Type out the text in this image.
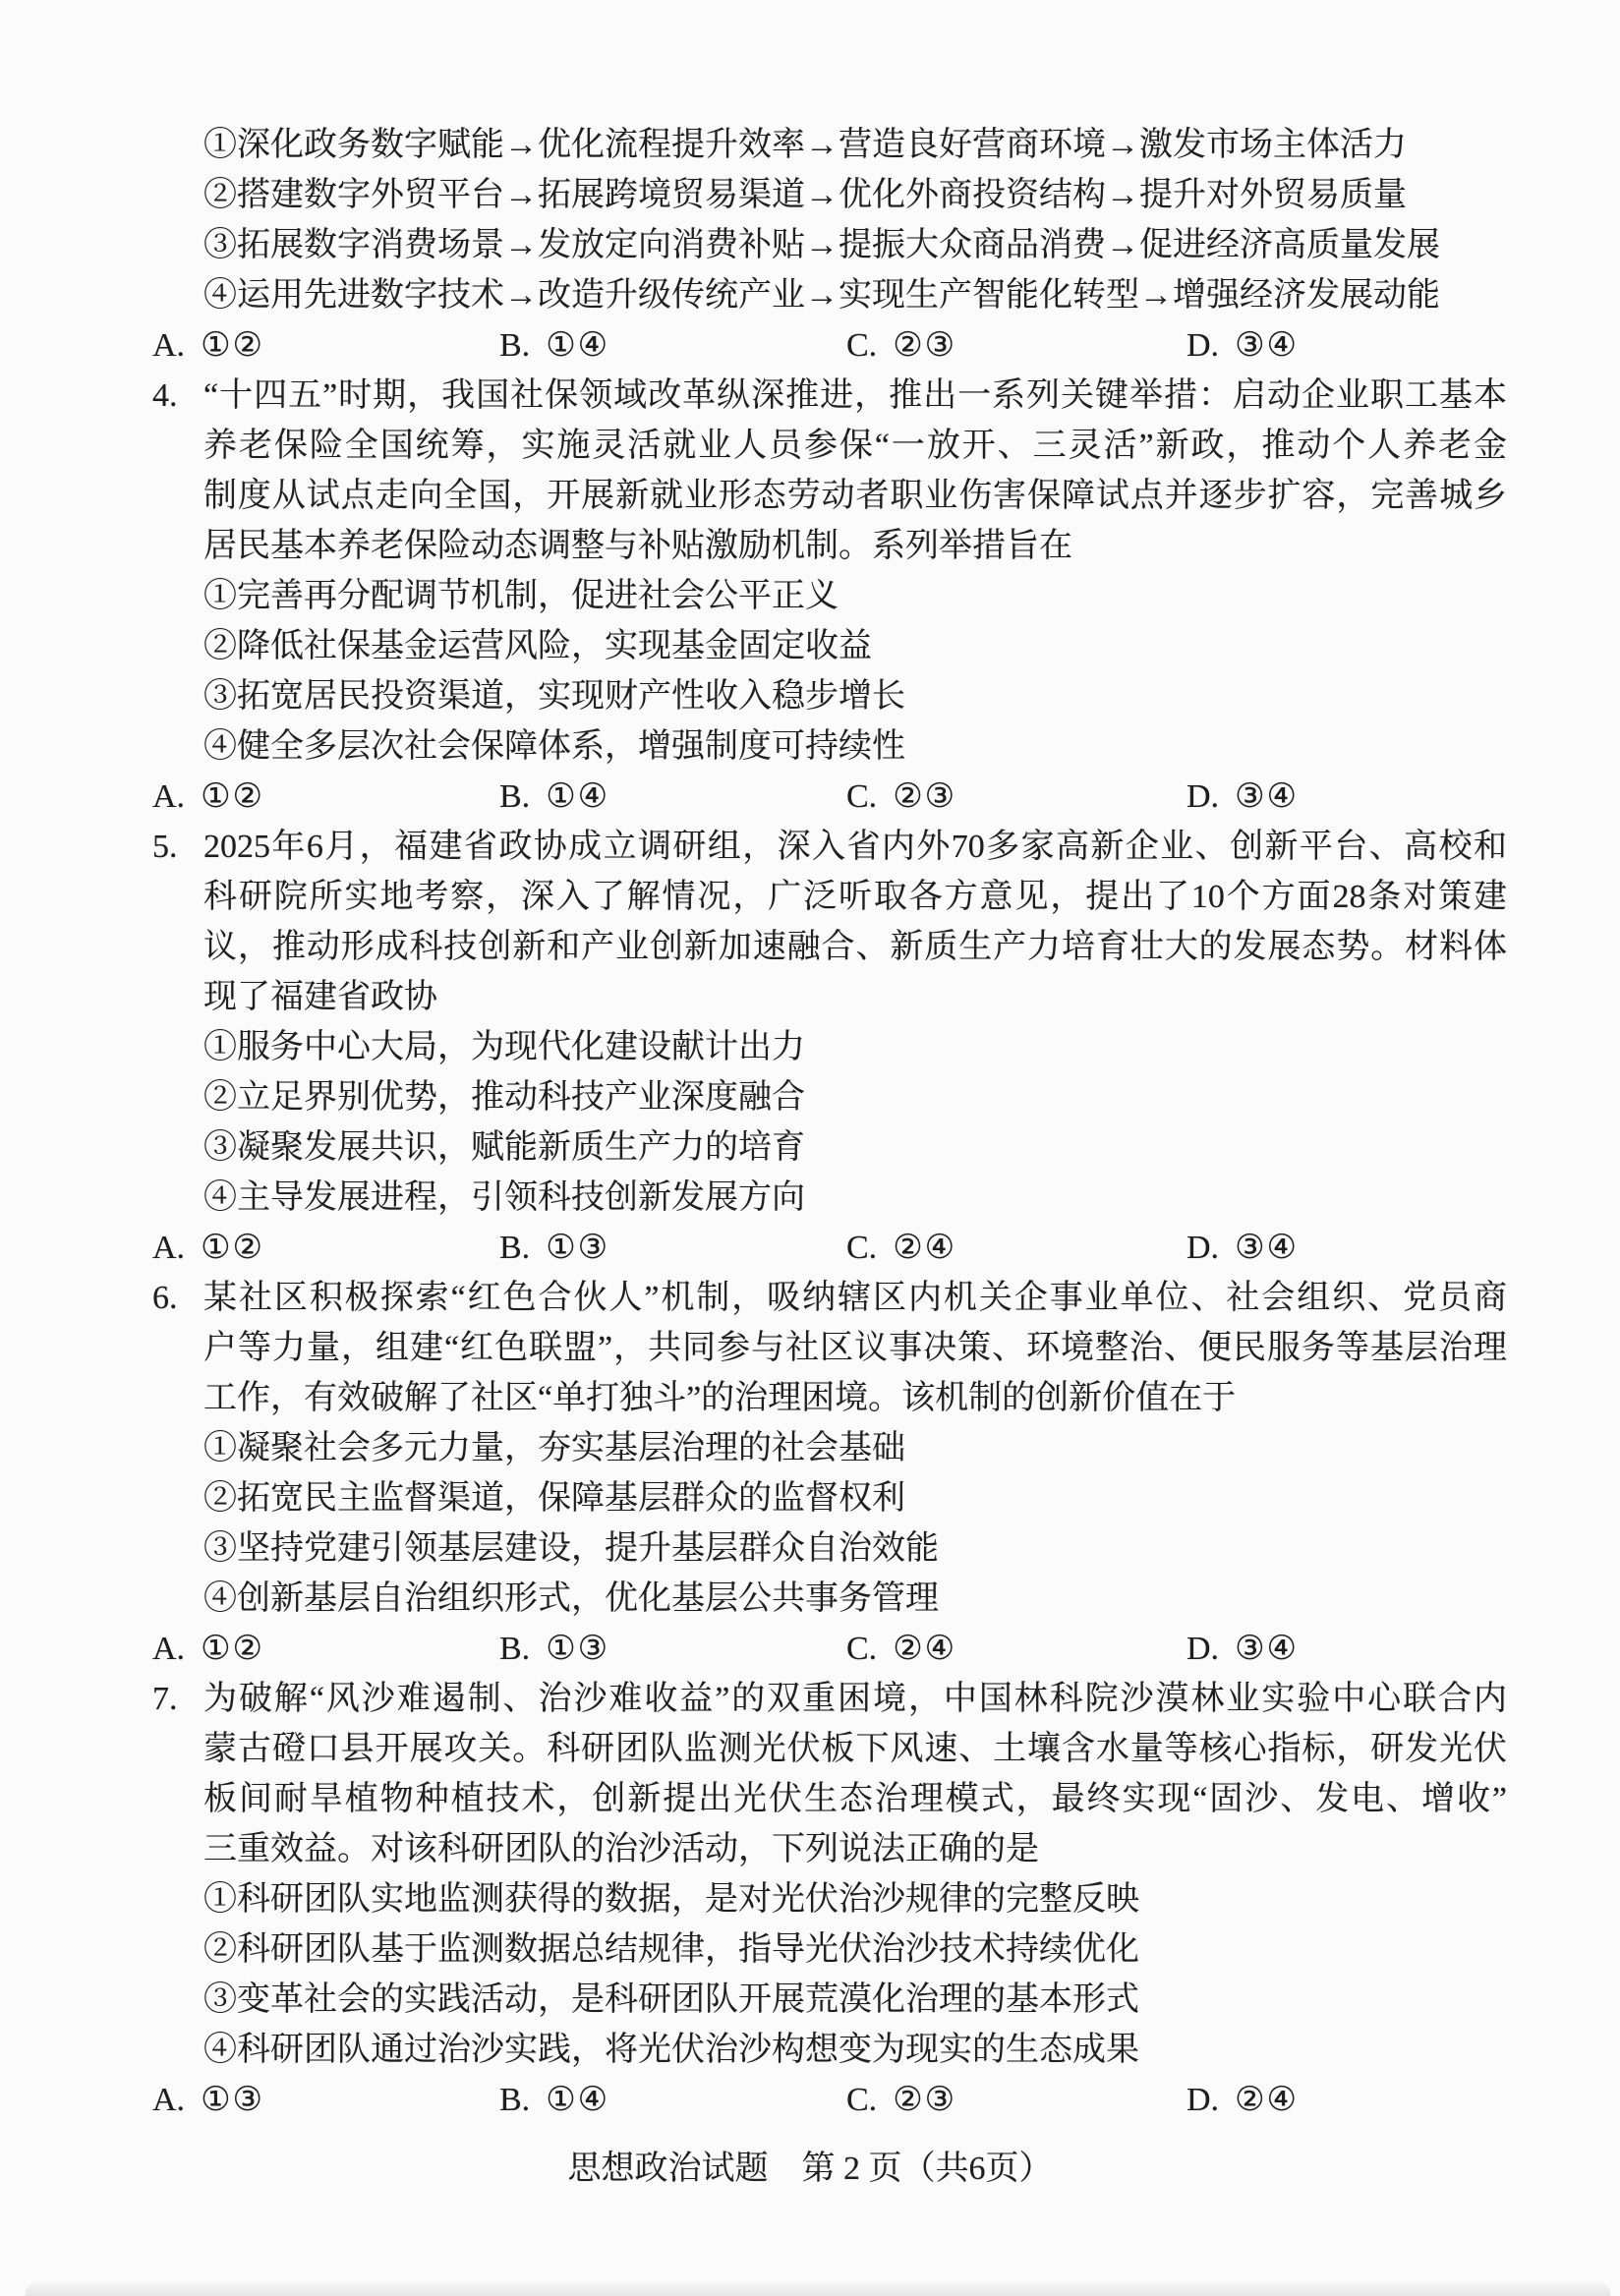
①深化政务数字赋能→优化流程提升效率→营造良好营商环境→激发市场主体活力
②搭建数字外贸平台→拓展跨境贸易渠道→优化外商投资结构→提升对外贸易质量
③拓展数字消费场景→发放定向消费补贴→提振大众商品消费→促进经济高质量发展
④运用先进数字技术→改造升级传统产业→实现生产智能化转型→增强经济发展动能
A. ①②	B. ①④	C. ②③	D. ③④
4. “十四五”时期，我国社保领域改革纵深推进，推出一系列关键举措：启动企业职工基本
养老保险全国统筹，实施灵活就业人员参保“一放开、三灵活”新政，推动个人养老金
制度从试点走向全国，开展新就业形态劳动者职业伤害保障试点并逐步扩容，完善城乡
居民基本养老保险动态调整与补贴激励机制。系列举措旨在
①完善再分配调节机制，促进社会公平正义
②降低社保基金运营风险，实现基金固定收益
③拓宽居民投资渠道，实现财产性收入稳步增长
④健全多层次社会保障体系，增强制度可持续性
A. ①②	B. ①④	C. ②③	D. ③④
5. 2025年6月，福建省政协成立调研组，深入省内外70多家高新企业、创新平台、高校和
科研院所实地考察，深入了解情况，广泛听取各方意见，提出了10个方面28条对策建
议，推动形成科技创新和产业创新加速融合、新质生产力培育壮大的发展态势。材料体
现了福建省政协
①服务中心大局，为现代化建设献计出力
②立足界别优势，推动科技产业深度融合
③凝聚发展共识，赋能新质生产力的培育
④主导发展进程，引领科技创新发展方向
A. ①②	B. ①③	C. ②④	D. ③④
6. 某社区积极探索“红色合伙人”机制，吸纳辖区内机关企事业单位、社会组织、党员商
户等力量，组建“红色联盟”，共同参与社区议事决策、环境整治、便民服务等基层治理
工作，有效破解了社区“单打独斗”的治理困境。该机制的创新价值在于
①凝聚社会多元力量，夯实基层治理的社会基础
②拓宽民主监督渠道，保障基层群众的监督权利
③坚持党建引领基层建设，提升基层群众自治效能
④创新基层自治组织形式，优化基层公共事务管理
A. ①②	B. ①③	C. ②④	D. ③④
7. 为破解“风沙难遏制、治沙难收益”的双重困境，中国林科院沙漠林业实验中心联合内
蒙古磴口县开展攻关。科研团队监测光伏板下风速、土壤含水量等核心指标，研发光伏
板间耐旱植物种植技术，创新提出光伏生态治理模式，最终实现“固沙、发电、增收”
三重效益。对该科研团队的治沙活动，下列说法正确的是
①科研团队实地监测获得的数据，是对光伏治沙规律的完整反映
②科研团队基于监测数据总结规律，指导光伏治沙技术持续优化
③变革社会的实践活动，是科研团队开展荒漠化治理的基本形式
④科研团队通过治沙实践，将光伏治沙构想变为现实的生态成果
A. ①③	B. ①④	C. ②③	D. ②④
思想政治试题　第 2 页（共6页）
